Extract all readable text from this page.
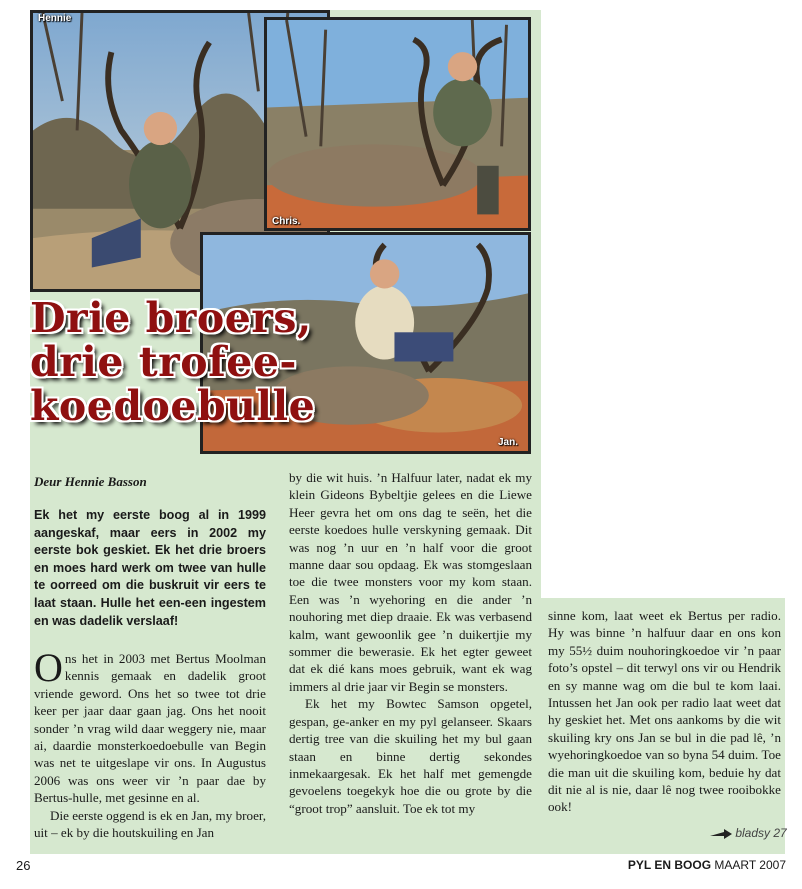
Hennie
Chris.
Jan.
Drie broers,
drie trofee-
koedoebulle
Deur Hennie Basson
Ek het my eerste boog al in 1999 aangeskaf, maar eers in 2002 my eerste bok geskiet. Ek het drie broers en moes hard werk om twee van hulle te oorreed om die buskruit vir eers te laat staan. Hulle het een-een ingestem en was dadelik verslaaf!

Ons het in 2003 met Bertus Moolman kennis gemaak en dadelik groot vriende geword. Ons het so twee tot drie keer per jaar daar gaan jag. Ons het nooit sonder ’n vrag wild daar weggery nie, maar ai, daardie monsterkoedoebulle van Begin was net te uitgeslape vir ons. In Augustus 2006 was ons weer vir ’n paar dae by Bertus-hulle, met gesinne en al.

Die eerste oggend is ek en Jan, my broer, uit – ek by die houtskuiling en Jan

by die wit huis. ’n Halfuur later, nadat ek my klein Gideons Bybeltjie gelees en die Liewe Heer gevra het om ons dag te seën, het die eerste koedoes hulle verskyning gemaak. Dit was nog ’n uur en ’n half voor die groot manne daar sou opdaag. Ek was stomgeslaan toe die twee monsters voor my kom staan. Een was ’n wyehoring en die ander ’n nouhoring met diep draaie. Ek was verbasend kalm, want gewoonlik gee ’n duikertjie my sommer die bewerasie. Ek het egter geweet dat ek dié kans moes gebruik, want ek wag immers al drie jaar vir Begin se monsters.

Ek het my Bowtec Samson opgetel, gespan, ge-anker en my pyl gelanseer. Skaars dertig tree van die skuiling het my bul gaan staan en binne dertig sekondes inmekaargesak. Ek het half met gemengde gevoelens toegekyk hoe die ou grote by die “groot trop” aansluit. Toe ek tot my

sinne kom, laat weet ek Bertus per radio. Hy was binne ’n halfuur daar en ons kon my 55½ duim nouhoringkoedoe vir ’n paar foto’s opstel – dit terwyl ons vir ou Hendrik en sy manne wag om die bul te kom laai. Intussen het Jan ook per radio laat weet dat hy geskiet het. Met ons aankoms by die wit skuiling kry ons Jan se bul in die pad lê, ’n wyehoringkoedoe van so byna 54 duim. Toe die man uit die skuiling kom, beduie hy dat dit nie al is nie, daar lê nog twee rooibokke ook!

bladsy 27
26	PYL EN BOOG MAART 2007
